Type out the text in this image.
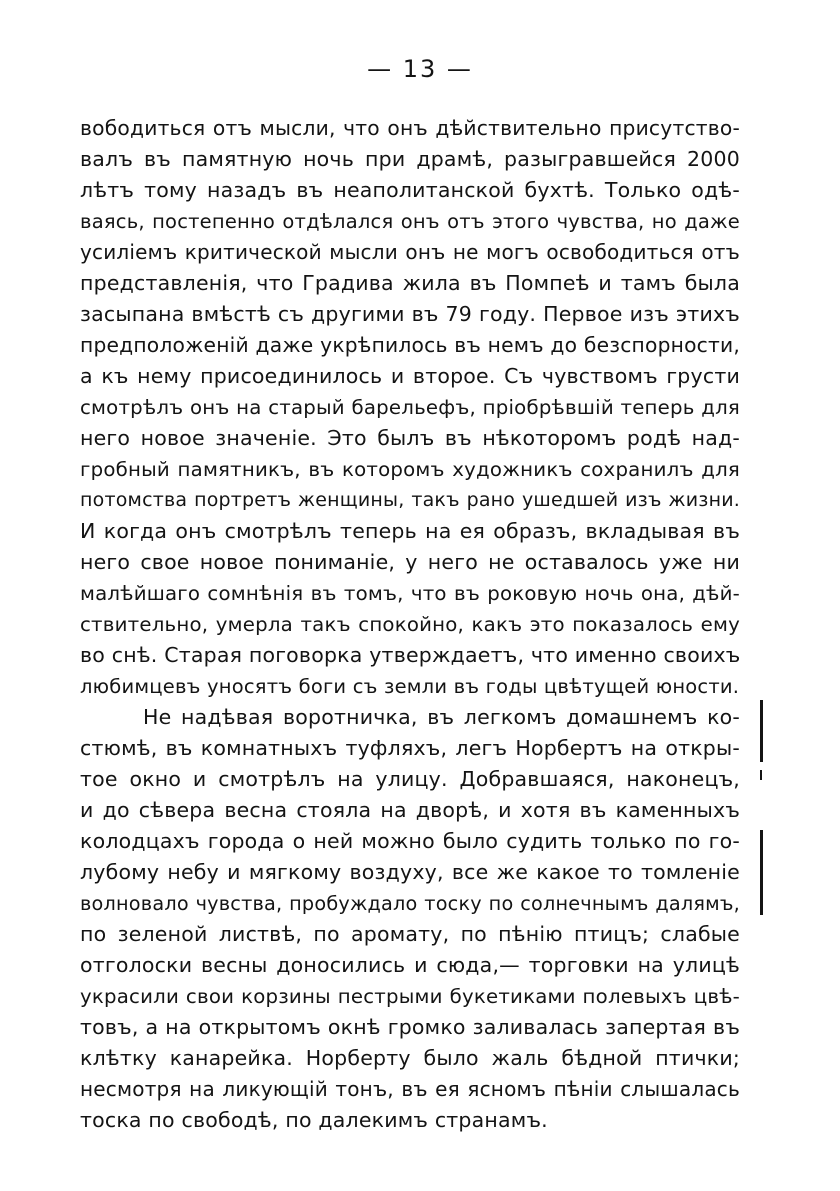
— 13 —
вободиться отъ мысли, что онъ дѣйствительно присутство-
валъ въ памятную ночь при драмѣ, разыгравшейся 2000
лѣтъ тому назадъ въ неаполитанской бухтѣ. Только одѣ-
ваясь, постепенно отдѣлался онъ отъ этого чувства, но даже
усиліемъ критической мысли онъ не могъ освободиться отъ
представленія, что Градива жила въ Помпеѣ и тамъ была
засыпана вмѣстѣ съ другими въ 79 году. Первое изъ этихъ
предположеній даже укрѣпилось въ немъ до безспорности,
а къ нему присоединилось и второе. Съ чувствомъ грусти
смотрѣлъ онъ на старый барельефъ, пріобрѣвшій теперь для
него новое значеніе. Это былъ въ нѣкоторомъ родѣ над-
гробный памятникъ, въ которомъ художникъ сохранилъ для
потомства портретъ женщины, такъ рано ушедшей изъ жизни.
И когда онъ смотрѣлъ теперь на ея образъ, вкладывая въ
него свое новое пониманіе, у него не оставалось уже ни
малѣйшаго сомнѣнія въ томъ, что въ роковую ночь она, дѣй-
ствительно, умерла такъ спокойно, какъ это показалось ему
во снѣ. Старая поговорка утверждаетъ, что именно своихъ
любимцевъ уносятъ боги съ земли въ годы цвѣтущей юности.
Не надѣвая воротничка, въ легкомъ домашнемъ ко-
стюмѣ, въ комнатныхъ туфляхъ, легъ Норбертъ на откры-
тое окно и смотрѣлъ на улицу. Добравшаяся, наконецъ,
и до сѣвера весна стояла на дворѣ, и хотя въ каменныхъ
колодцахъ города о ней можно было судить только по го-
лубому небу и мягкому воздуху, все же какое то томленіе
волновало чувства, пробуждало тоску по солнечнымъ далямъ,
по зеленой листвѣ, по аромату, по пѣнію птицъ; слабые
отголоски весны доносились и сюда,— торговки на улицѣ
украсили свои корзины пестрыми букетиками полевыхъ цвѣ-
товъ, а на открытомъ окнѣ громко заливалась запертая въ
клѣтку канарейка. Норберту было жаль бѣдной птички;
несмотря на ликующій тонъ, въ ея ясномъ пѣніи слышалась
тоска по свободѣ, по далекимъ странамъ.
